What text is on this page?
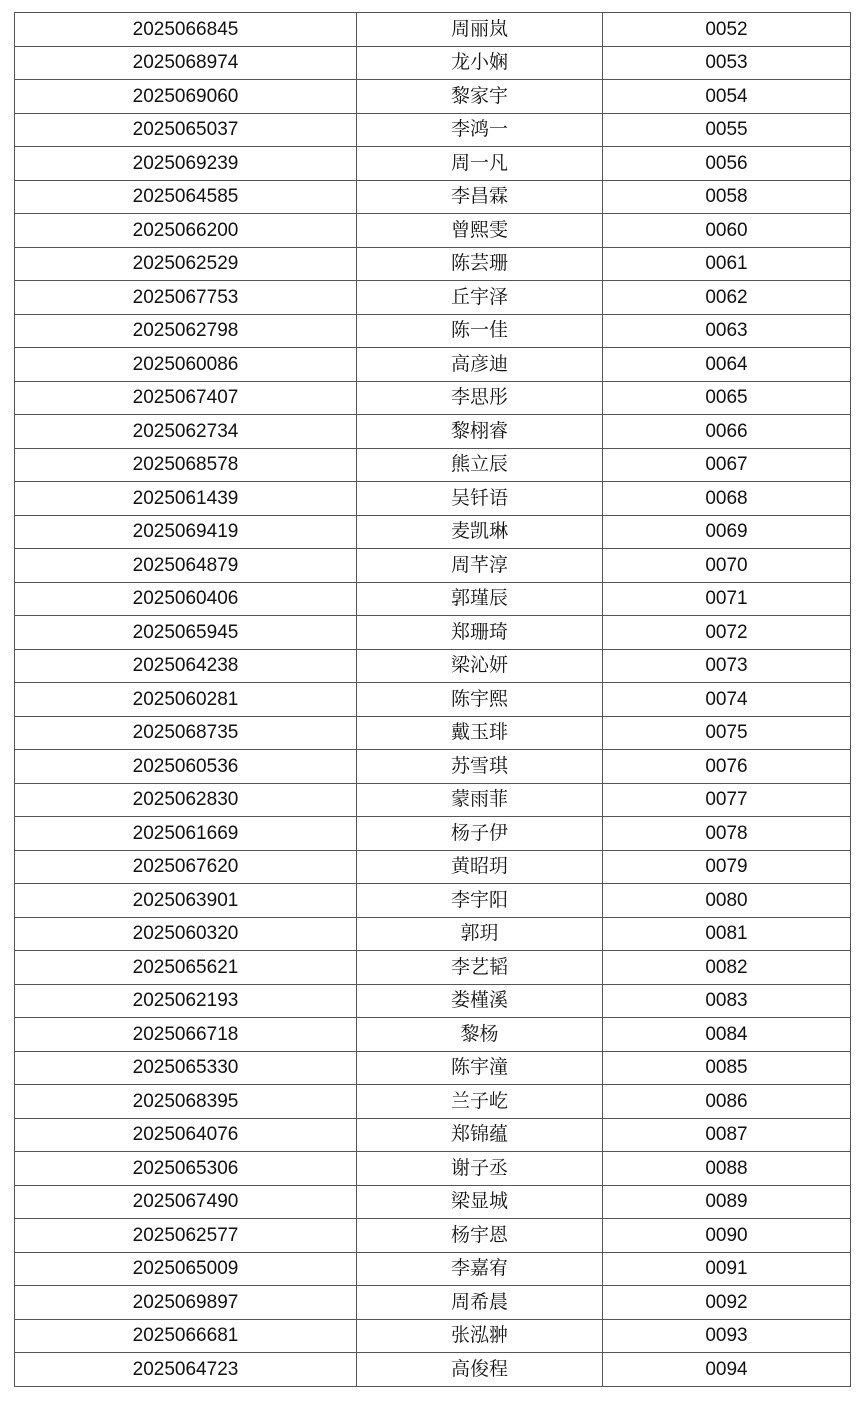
2025066845	周丽岚	0052
2025068974	龙小娴	0053
2025069060	黎家宇	0054
2025065037	李鸿一	0055
2025069239	周一凡	0056
2025064585	李昌霖	0058
2025066200	曾熙雯	0060
2025062529	陈芸珊	0061
2025067753	丘宇泽	0062
2025062798	陈一佳	0063
2025060086	高彦迪	0064
2025067407	李思彤	0065
2025062734	黎栩睿	0066
2025068578	熊立辰	0067
2025061439	吴钎语	0068
2025069419	麦凯琳	0069
2025064879	周芊淳	0070
2025060406	郭瑾辰	0071
2025065945	郑珊琦	0072
2025064238	梁沁妍	0073
2025060281	陈宇熙	0074
2025068735	戴玉琲	0075
2025060536	苏雪琪	0076
2025062830	蒙雨菲	0077
2025061669	杨子伊	0078
2025067620	黄昭玥	0079
2025063901	李宇阳	0080
2025060320	郭玥	0081
2025065621	李艺韬	0082
2025062193	娄槿溪	0083
2025066718	黎杨	0084
2025065330	陈宇潼	0085
2025068395	兰子屹	0086
2025064076	郑锦蕴	0087
2025065306	谢子丞	0088
2025067490	梁显城	0089
2025062577	杨宇恩	0090
2025065009	李嘉宥	0091
2025069897	周希晨	0092
2025066681	张泓翀	0093
2025064723	高俊程	0094
